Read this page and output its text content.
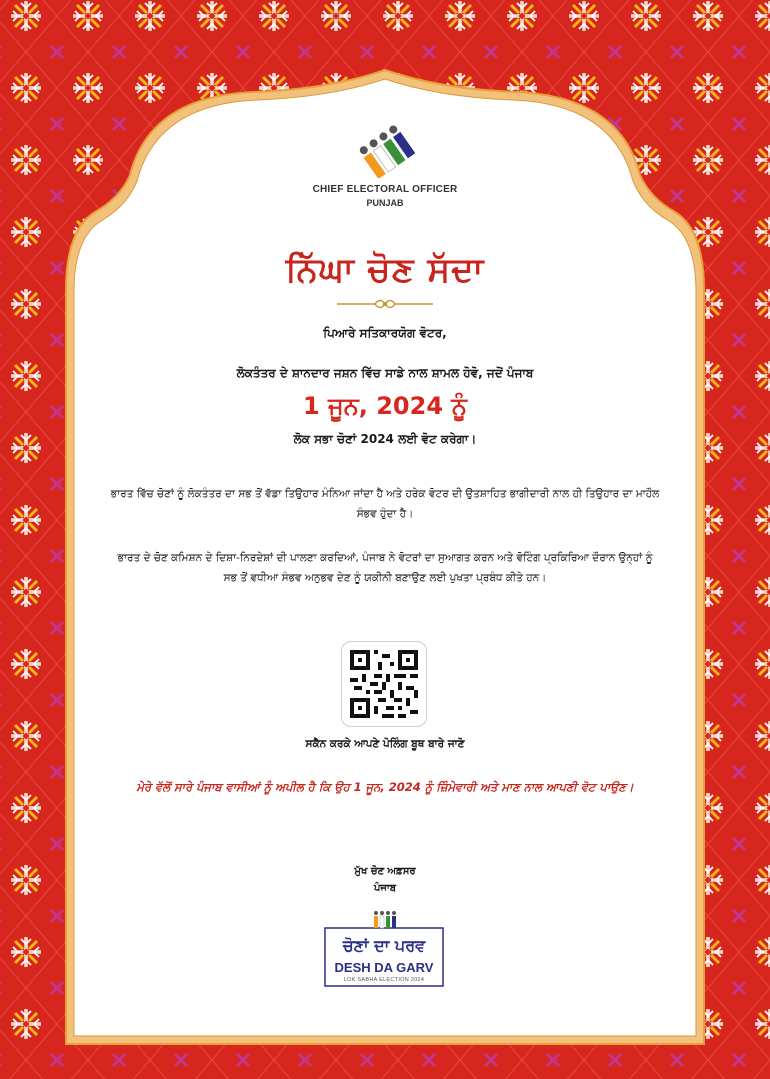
CHIEF ELECTORAL OFFICER
PUNJAB
ਨਿੱਘਾ ਚੋਣ ਸੱਦਾ
ਪਿਆਰੇ ਸਤਿਕਾਰਯੋਗ ਵੋਟਰ,
ਲੋਕਤੰਤਰ ਦੇ ਸ਼ਾਨਦਾਰ ਜਸ਼ਨ ਵਿੱਚ ਸਾਡੇ ਨਾਲ ਸ਼ਾਮਲ ਹੋਵੋ, ਜਦੋਂ ਪੰਜਾਬ
1 ਜੂਨ, 2024 ਨੂੰ
ਲੋਕ ਸਭਾ ਚੋਣਾਂ 2024 ਲਈ ਵੋਟ ਕਰੇਗਾ।
ਭਾਰਤ ਵਿੱਚ ਚੋਣਾਂ ਨੂੰ ਲੋਕਤੰਤਰ ਦਾ ਸਭ ਤੋਂ ਵੱਡਾ ਤਿਉਹਾਰ ਮੰਨਿਆ ਜਾਂਦਾ ਹੈ ਅਤੇ ਹਰੇਕ ਵੋਟਰ ਦੀ ਉਤਸ਼ਾਹਿਤ ਭਾਗੀਦਾਰੀ ਨਾਲ ਹੀ ਤਿਉਹਾਰ ਦਾ ਮਾਹੌਲ ਸੰਭਵ ਹੁੰਦਾ ਹੈ।
ਭਾਰਤ ਦੇ ਚੋਣ ਕਮਿਸ਼ਨ ਦੇ ਦਿਸ਼ਾ-ਨਿਰਦੇਸ਼ਾਂ ਦੀ ਪਾਲਣਾ ਕਰਦਿਆਂ, ਪੰਜਾਬ ਨੇ ਵੋਟਰਾਂ ਦਾ ਸੁਆਗਤ ਕਰਨ ਅਤੇ ਵੋਟਿੰਗ ਪ੍ਰਕਿਰਿਆ ਦੌਰਾਨ ਉਨ੍ਹਾਂ ਨੂੰ ਸਭ ਤੋਂ ਵਧੀਆ ਸੰਭਵ ਅਨੁਭਵ ਦੇਣ ਨੂੰ ਯਕੀਨੀ ਬਣਾਉਣ ਲਈ ਪੁਖਤਾ ਪ੍ਰਬੰਧ ਕੀਤੇ ਹਨ।
ਸਕੈਨ ਕਰਕੇ ਆਪਣੇ ਪੋਲਿੰਗ ਬੂਥ ਬਾਰੇ ਜਾਣੋ
ਮੇਰੇ ਵੱਲੋਂ ਸਾਰੇ ਪੰਜਾਬ ਵਾਸੀਆਂ ਨੂੰ ਅਪੀਲ ਹੈ ਕਿ ਉਹ 1 ਜੂਨ, 2024 ਨੂੰ ਜ਼ਿੰਮੇਵਾਰੀ ਅਤੇ ਮਾਣ ਨਾਲ ਆਪਣੀ ਵੋਟ ਪਾਉਣ।
ਮੁੱਖ ਚੋਣ ਅਫ਼ਸਰ
ਪੰਜਾਬ
ਚੋਣਾਂ ਦਾ ਪਰਵ
DESH DA GARV
LOK SABHA ELECTION 2024
